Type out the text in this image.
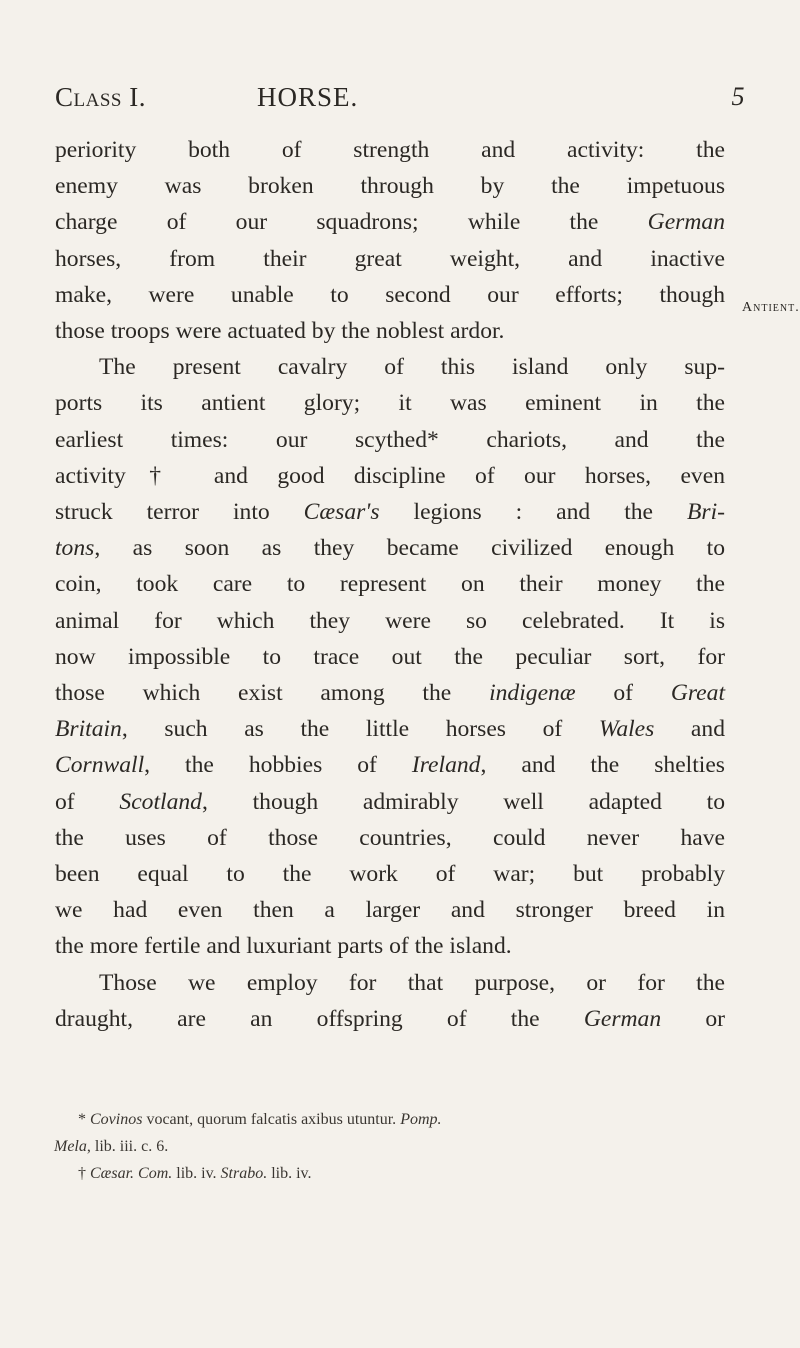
Class I.	HORSE.	5
Antient.
periority both of strength and activity: the
enemy was broken through by the impetuous
charge of our squadrons; while the German
horses, from their great weight, and inactive
make, were unable to second our efforts; though
those troops were actuated by the noblest ardor.
The present cavalry of this island only sup-
ports its antient glory; it was eminent in the
earliest times: our scythed* chariots, and the
activity† and good discipline of our horses, even
struck terror into Cæsar's legions : and the Bri-
tons, as soon as they became civilized enough to
coin, took care to represent on their money the
animal for which they were so celebrated. It is
now impossible to trace out the peculiar sort, for
those which exist among the indigenæ of Great
Britain, such as the little horses of Wales and
Cornwall, the hobbies of Ireland, and the shelties
of Scotland, though admirably well adapted to
the uses of those countries, could never have
been equal to the work of war; but probably
we had even then a larger and stronger breed in
the more fertile and luxuriant parts of the island.
Those we employ for that purpose, or for the
draught, are an offspring of the German or
* Covinos vocant, quorum falcatis axibus utuntur. Pomp.
Mela, lib. iii. c. 6.
† Cæsar. Com. lib. iv. Strabo. lib. iv.
